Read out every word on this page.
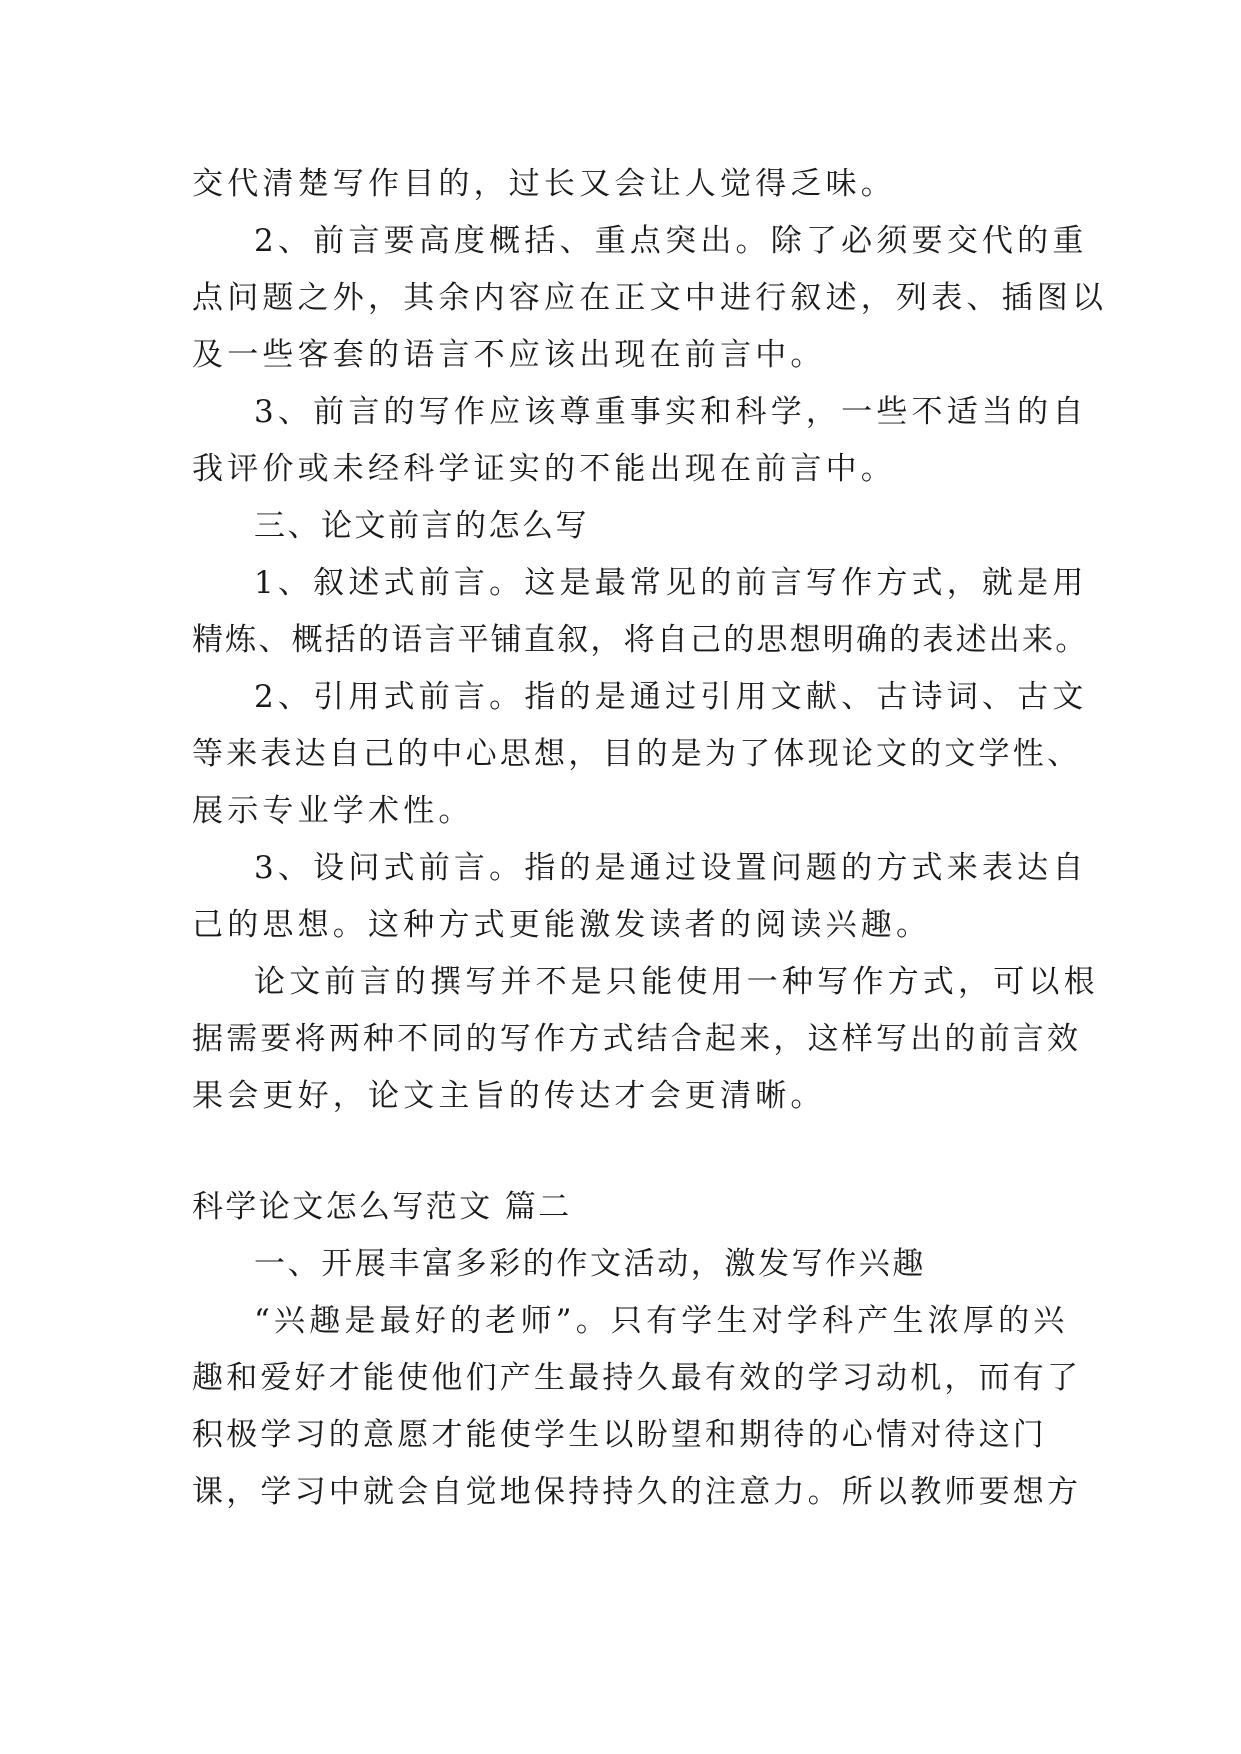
交代清楚写作目的，过长又会让人觉得乏味。

2、前言要高度概括、重点突出。除了必须要交代的重

点问题之外，其余内容应在正文中进行叙述，列表、插图以

及一些客套的语言不应该出现在前言中。

3、前言的写作应该尊重事实和科学，一些不适当的自

我评价或未经科学证实的不能出现在前言中。

三、论文前言的怎么写

1、叙述式前言。这是最常见的前言写作方式，就是用

精炼、概括的语言平铺直叙，将自己的思想明确的表述出来。

2、引用式前言。指的是通过引用文献、古诗词、古文

等来表达自己的中心思想，目的是为了体现论文的文学性、

展示专业学术性。

3、设问式前言。指的是通过设置问题的方式来表达自

己的思想。这种方式更能激发读者的阅读兴趣。

论文前言的撰写并不是只能使用一种写作方式，可以根

据需要将两种不同的写作方式结合起来，这样写出的前言效

果会更好，论文主旨的传达才会更清晰。

科学论文怎么写范文 篇二

一、开展丰富多彩的作文活动，激发写作兴趣

“兴趣是最好的老师”。只有学生对学科产生浓厚的兴

趣和爱好才能使他们产生最持久最有效的学习动机，而有了

积极学习的意愿才能使学生以盼望和期待的心情对待这门

课，学习中就会自觉地保持持久的注意力。所以教师要想方
